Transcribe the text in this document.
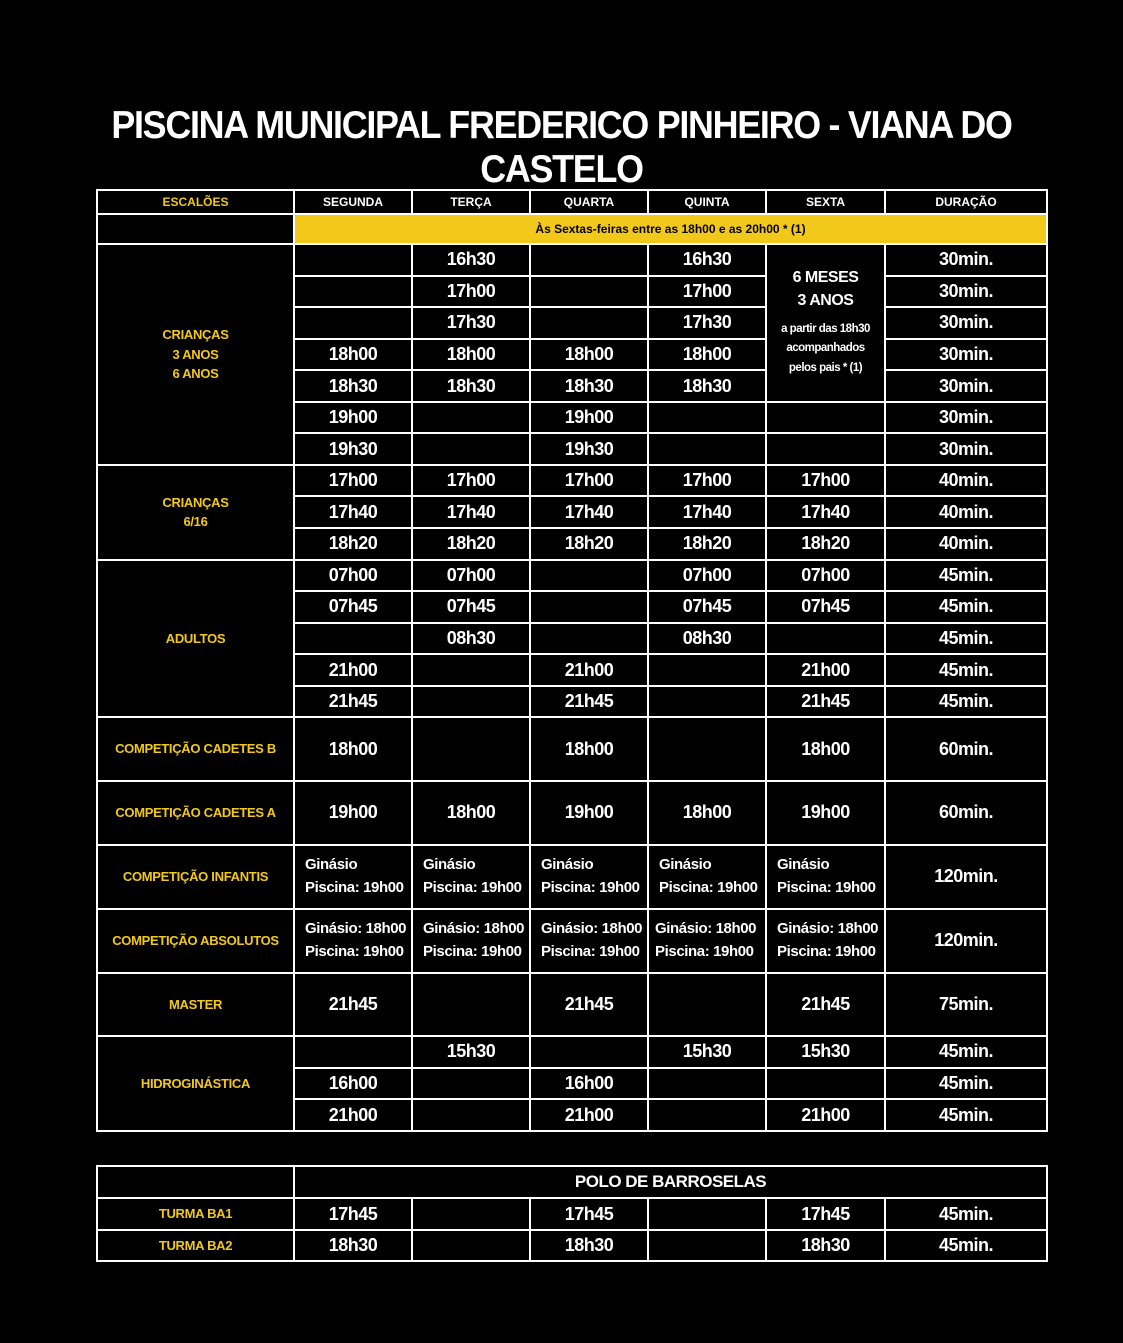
PISCINA MUNICIPAL FREDERICO PINHEIRO - VIANA DO CASTELO
ESCALÕES	SEGUNDA	TERÇA	QUARTA	QUINTA	SEXTA	DURAÇÃO
	Às Sextas-feiras entre as 18h00 e as 20h00 * (1)					
CRIANÇAS
3 ANOS
6 ANOS		16h30		16h30	6 MESES
3 ANOS
a partir das 18h30
acompanhados
pelos pais * (1)	30min.
		17h00		17h00		30min.
		17h30		17h30		30min.
	18h00	18h00	18h00	18h00		30min.
	18h30	18h30	18h30	18h30		30min.
	19h00		19h00			30min.
	19h30		19h30			30min.
CRIANÇAS
6/16	17h00	17h00	17h00	17h00	17h00	40min.
	17h40	17h40	17h40	17h40	17h40	40min.
	18h20	18h20	18h20	18h20	18h20	40min.
ADULTOS	07h00	07h00		07h00	07h00	45min.
	07h45	07h45		07h45	07h45	45min.
		08h30		08h30		45min.
	21h00		21h00		21h00	45min.
	21h45		21h45		21h45	45min.
COMPETIÇÃO CADETES B	18h00		18h00		18h00	60min.
COMPETIÇÃO CADETES A	19h00	18h00	19h00	18h00	19h00	60min.
COMPETIÇÃO INFANTIS	Ginásio
Piscina: 19h00	Ginásio
Piscina: 19h00	Ginásio
Piscina: 19h00	Ginásio
Piscina: 19h00	Ginásio
Piscina: 19h00	120min.
COMPETIÇÃO ABSOLUTOS	Ginásio: 18h00
Piscina: 19h00	Ginásio: 18h00
Piscina: 19h00	Ginásio: 18h00
Piscina: 19h00	Ginásio: 18h00
Piscina: 19h00	Ginásio: 18h00
Piscina: 19h00	120min.
MASTER	21h45		21h45		21h45	75min.
HIDROGINÁSTICA		15h30		15h30	15h30	45min.
	16h00		16h00			45min.
	21h00		21h00		21h00	45min.
	POLO DE BARROSELAS					
TURMA BA1	17h45		17h45		17h45	45min.
TURMA BA2	18h30		18h30		18h30	45min.
